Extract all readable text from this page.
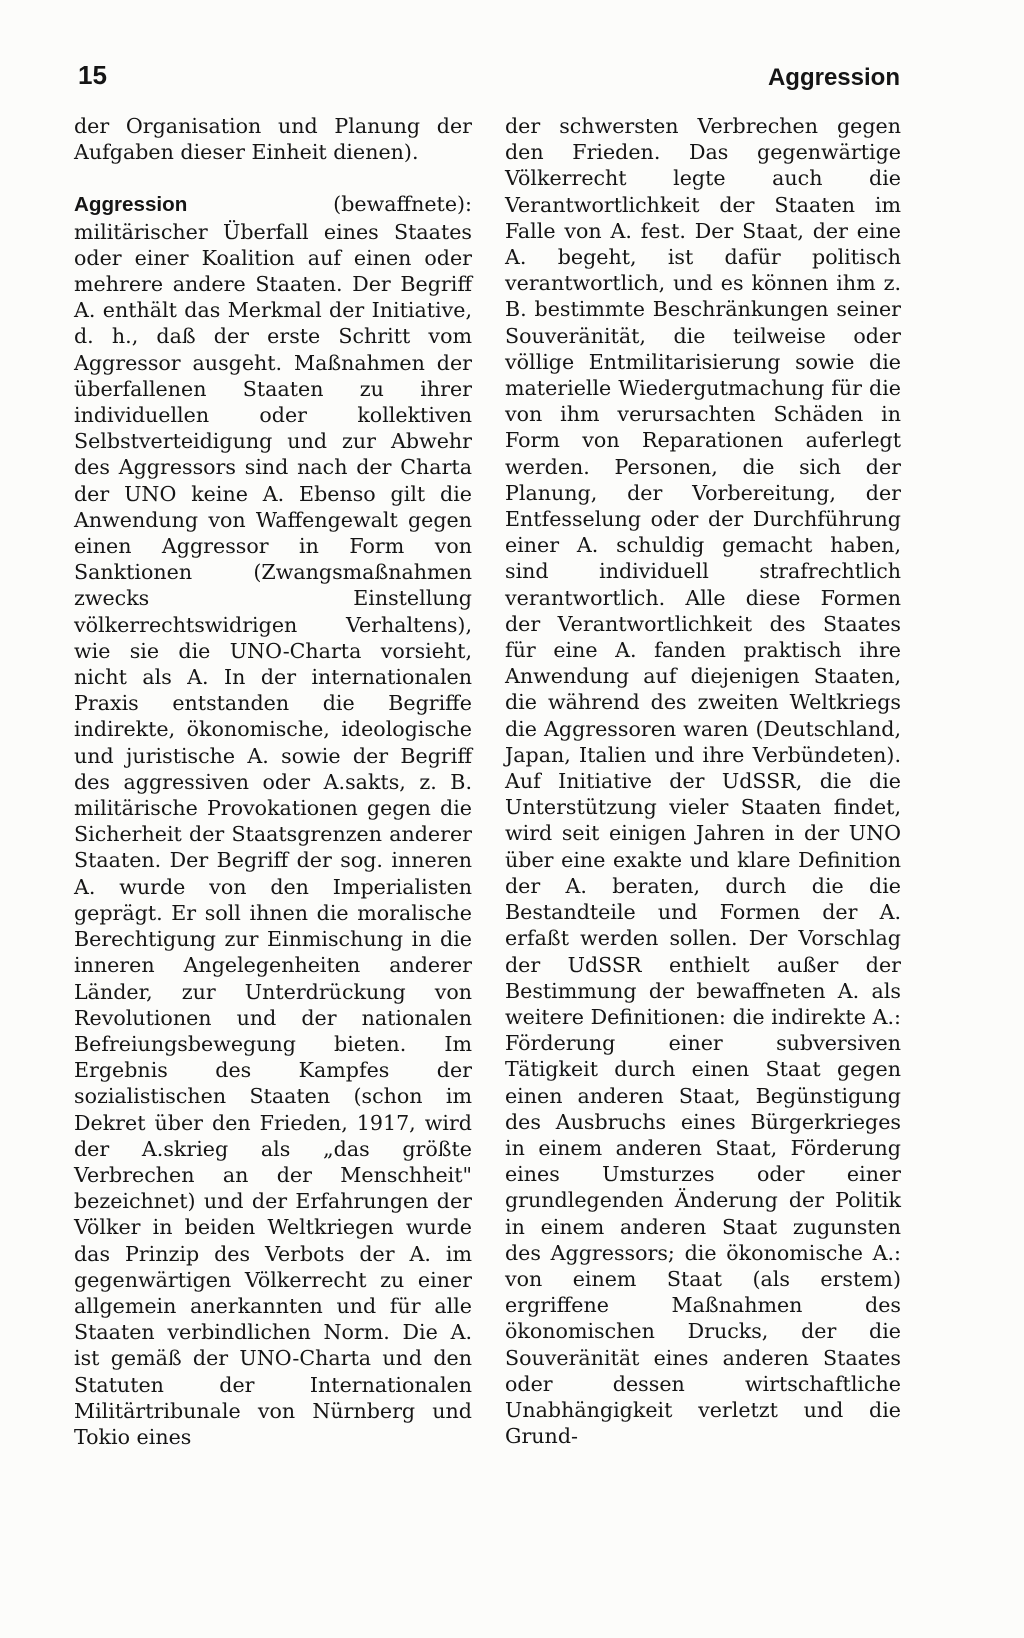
15	Aggression

der Organisation und Planung der Aufgaben dieser Einheit dienen).

Aggression (bewaffnete): militärischer Überfall eines Staates oder einer Koalition auf einen oder mehrere andere Staaten. Der Begriff A. enthält das Merkmal der Initiative, d. h., daß der erste Schritt vom Aggressor ausgeht. Maßnahmen der überfallenen Staaten zu ihrer individuellen oder kollektiven Selbstverteidigung und zur Abwehr des Aggressors sind nach der Charta der UNO keine A. Ebenso gilt die Anwendung von Waffengewalt gegen einen Aggressor in Form von Sanktionen (Zwangsmaßnahmen zwecks Einstellung völkerrechtswidrigen Verhaltens), wie sie die UNO-Charta vorsieht, nicht als A. In der internationalen Praxis entstanden die Begriffe indirekte, ökonomische, ideologische und juristische A. sowie der Begriff des aggressiven oder A.sakts, z. B. militärische Provokationen gegen die Sicherheit der Staatsgrenzen anderer Staaten. Der Begriff der sog. inneren A. wurde von den Imperialisten geprägt. Er soll ihnen die moralische Berechtigung zur Einmischung in die inneren Angelegenheiten anderer Länder, zur Unterdrückung von Revolutionen und der nationalen Befreiungsbewegung bieten. Im Ergebnis des Kampfes der sozialistischen Staaten (schon im Dekret über den Frieden, 1917, wird der A.skrieg als „das größte Verbrechen an der Menschheit" bezeichnet) und der Erfahrungen der Völker in beiden Weltkriegen wurde das Prinzip des Verbots der A. im gegenwärtigen Völkerrecht zu einer allgemein anerkannten und für alle Staaten verbindlichen Norm. Die A. ist gemäß der UNO-Charta und den Statuten der Internationalen Militärtribunale von Nürnberg und Tokio eines

der schwersten Verbrechen gegen den Frieden. Das gegenwärtige Völkerrecht legte auch die Verantwortlichkeit der Staaten im Falle von A. fest. Der Staat, der eine A. begeht, ist dafür politisch verantwortlich, und es können ihm z. B. bestimmte Beschränkungen seiner Souveränität, die teilweise oder völlige Entmilitarisierung sowie die materielle Wiedergutmachung für die von ihm verursachten Schäden in Form von Reparationen auferlegt werden. Personen, die sich der Planung, der Vorbereitung, der Entfesselung oder der Durchführung einer A. schuldig gemacht haben, sind individuell strafrechtlich verantwortlich. Alle diese Formen der Verantwortlichkeit des Staates für eine A. fanden praktisch ihre Anwendung auf diejenigen Staaten, die während des zweiten Weltkriegs die Aggressoren waren (Deutschland, Japan, Italien und ihre Verbündeten). Auf Initiative der UdSSR, die die Unterstützung vieler Staaten findet, wird seit einigen Jahren in der UNO über eine exakte und klare Definition der A. beraten, durch die die Bestandteile und Formen der A. erfaßt werden sollen. Der Vorschlag der UdSSR enthielt außer der Bestimmung der bewaffneten A. als weitere Definitionen: die indirekte A.: Förderung einer subversiven Tätigkeit durch einen Staat gegen einen anderen Staat, Begünstigung des Ausbruchs eines Bürgerkrieges in einem anderen Staat, Förderung eines Umsturzes oder einer grundlegenden Änderung der Politik in einem anderen Staat zugunsten des Aggressors; die ökonomische A.: von einem Staat (als erstem) ergriffene Maßnahmen des ökonomischen Drucks, der die Souveränität eines anderen Staates oder dessen wirtschaftliche Unabhängigkeit verletzt und die Grund-
